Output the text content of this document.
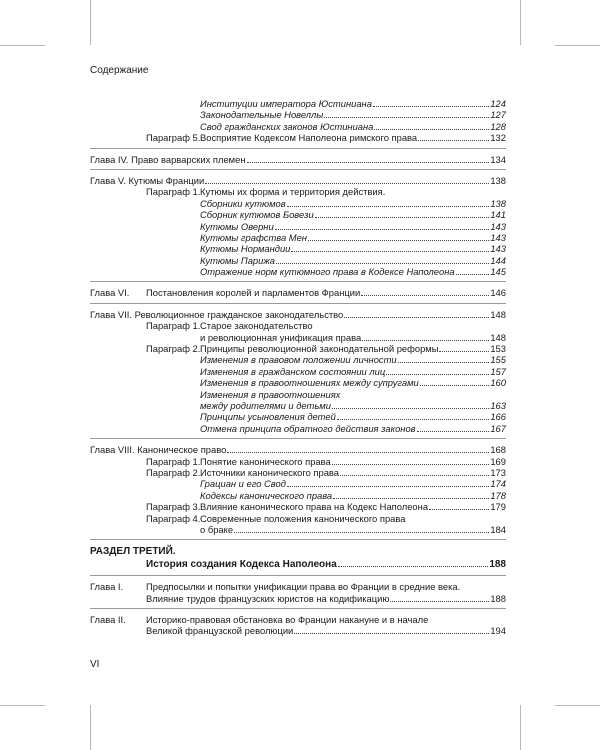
Содержание
Институции императора Юстиниана	124
Законодательные Новеллы	127
Свод гражданских законов Юстиниана	128
Параграф 5. Восприятие Кодексом Наполеона римского права	132
Глава IV. Право варварских племен	134
Глава V. Кутюмы Франции	138
Параграф 1. Кутюмы их форма и территория действия.
Сборники кутюмов	138
Сборник кутюмов Бовези	141
Кутюмы Оверни	143
Кутюмы графства Мен	143
Кутюмы Нормандии	143
Кутюмы Парижа	144
Отражение норм кутюмного права в Кодексе Наполеона	145
Глава VI. Постановления королей и парламентов Франции	146
Глава VII. Революционное гражданское законодательство	148
Параграф 1. Старое законодательство
и революционная унификация права	148
Параграф 2. Принципы революционной законодательной реформы	153
Изменения в правовом положении личности	155
Изменения в гражданском состоянии лиц	157
Изменения в правоотношениях между супругами	160
Изменения в правоотношениях
между родителями и детьми	163
Принципы усыновления детей	166
Отмена принципа обратного действия законов	167
Глава VIII. Каноническое право	168
Параграф 1. Понятие канонического права	169
Параграф 2. Источники канонического права	173
Грациан и его Свод	174
Кодексы канонического права	178
Параграф 3. Влияние канонического права на Кодекс Наполеона	179
Параграф 4. Современные положения канонического права
о браке	184
РАЗДЕЛ ТРЕТИЙ.
История создания Кодекса Наполеона	188
Глава I. Предпосылки и попытки унификации права во Франции в средние века.
Влияние трудов французских юристов на кодификацию	188
Глава II. Историко-правовая обстановка во Франции накануне и в начале
Великой французской революции	194
VI
